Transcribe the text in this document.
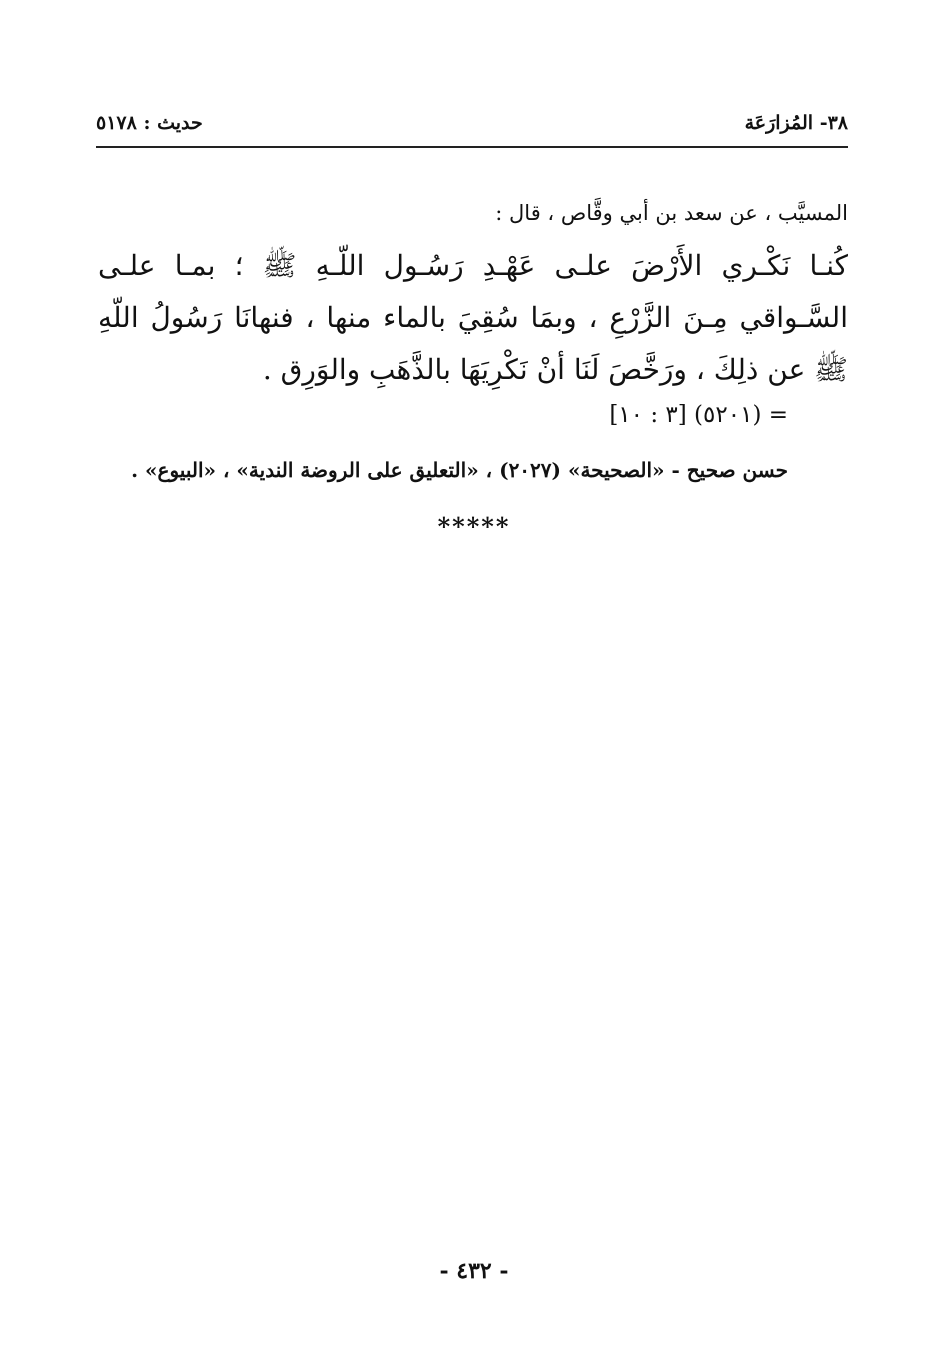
٣٨- المُزارَعَة
حديث : ٥١٧٨
المسيَّب ، عن سعد بن أبي وقَّاص ، قال :
كُنـا نَكْـري الأَرْضَ علـى عَهْـدِ رَسُـول اللّـهِ ﷺ ؛ بمـا علـى السَّـواقي مِـنَ الزَّرْعِ ، وبمَا سُقِيَ بالماء منها ، فنهانَا رَسُولُ اللّهِ ﷺ عن ذلِكَ ، ورَخَّصَ لَنَا أنْ نَكْرِيَهَا بالذَّهَبِ والوَرِق .
= (٥٢٠١) [٣ : ١٠]
حسن صحيح - «الصحيحة» (٢٠٢٧) ، «التعليق على الروضة الندية» ، «البيوع» .
*****
- ٤٣٢ -
